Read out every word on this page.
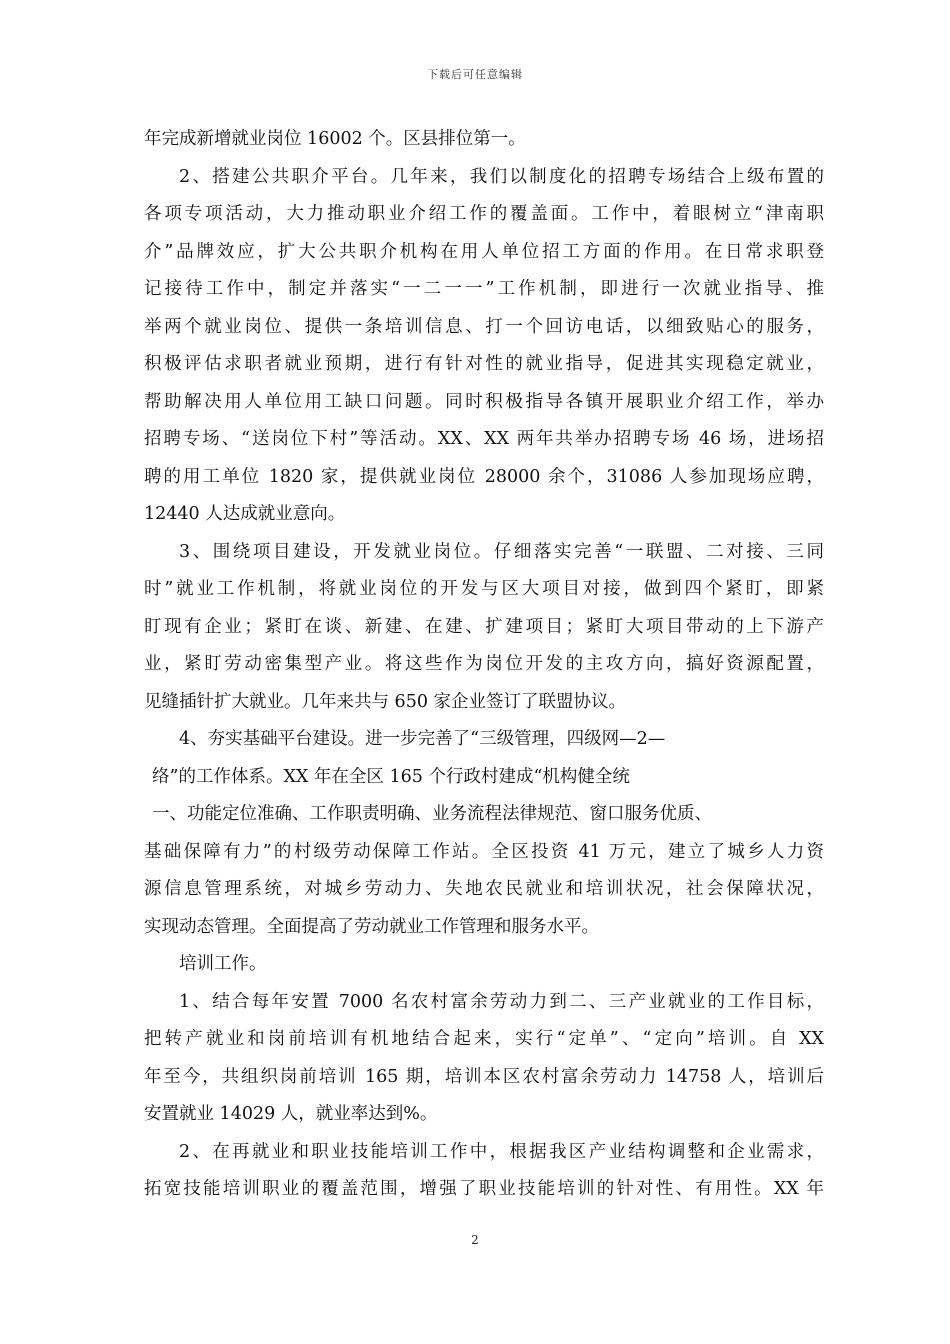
下载后可任意编辑
年完成新增就业岗位 16002 个。区县排位第一。
2、搭建公共职介平台。几年来，我们以制度化的招聘专场结合上级布置的
各项专项活动，大力推动职业介绍工作的覆盖面。工作中，着眼树立“津南职
介”品牌效应，扩大公共职介机构在用人单位招工方面的作用。在日常求职登
记接待工作中，制定并落实“一二一一”工作机制，即进行一次就业指导、推
举两个就业岗位、提供一条培训信息、打一个回访电话，以细致贴心的服务，
积极评估求职者就业预期，进行有针对性的就业指导，促进其实现稳定就业，
帮助解决用人单位用工缺口问题。同时积极指导各镇开展职业介绍工作，举办
招聘专场、“送岗位下村”等活动。XX、XX 两年共举办招聘专场 46 场，进场招
聘的用工单位 1820 家，提供就业岗位 28000 余个，31086 人参加现场应聘，
12440 人达成就业意向。
3、围绕项目建设，开发就业岗位。仔细落实完善“一联盟、二对接、三同
时”就业工作机制，将就业岗位的开发与区大项目对接，做到四个紧盯，即紧
盯现有企业；紧盯在谈、新建、在建、扩建项目；紧盯大项目带动的上下游产
业，紧盯劳动密集型产业。将这些作为岗位开发的主攻方向，搞好资源配置，
见缝插针扩大就业。几年来共与 650 家企业签订了联盟协议。
4、夯实基础平台建设。进一步完善了“三级管理，四级网—2—
络”的工作体系。XX 年在全区 165 个行政村建成“机构健全统
一、功能定位准确、工作职责明确、业务流程法律规范、窗口服务优质、
基础保障有力”的村级劳动保障工作站。全区投资 41 万元，建立了城乡人力资
源信息管理系统，对城乡劳动力、失地农民就业和培训状况，社会保障状况，
实现动态管理。全面提高了劳动就业工作管理和服务水平。
培训工作。
1、结合每年安置 7000 名农村富余劳动力到二、三产业就业的工作目标，
把转产就业和岗前培训有机地结合起来，实行“定单”、“定向”培训。自 XX
年至今，共组织岗前培训 165 期，培训本区农村富余劳动力 14758 人，培训后
安置就业 14029 人，就业率达到%。
2、在再就业和职业技能培训工作中，根据我区产业结构调整和企业需求，
拓宽技能培训职业的覆盖范围，增强了职业技能培训的针对性、有用性。XX 年
2
